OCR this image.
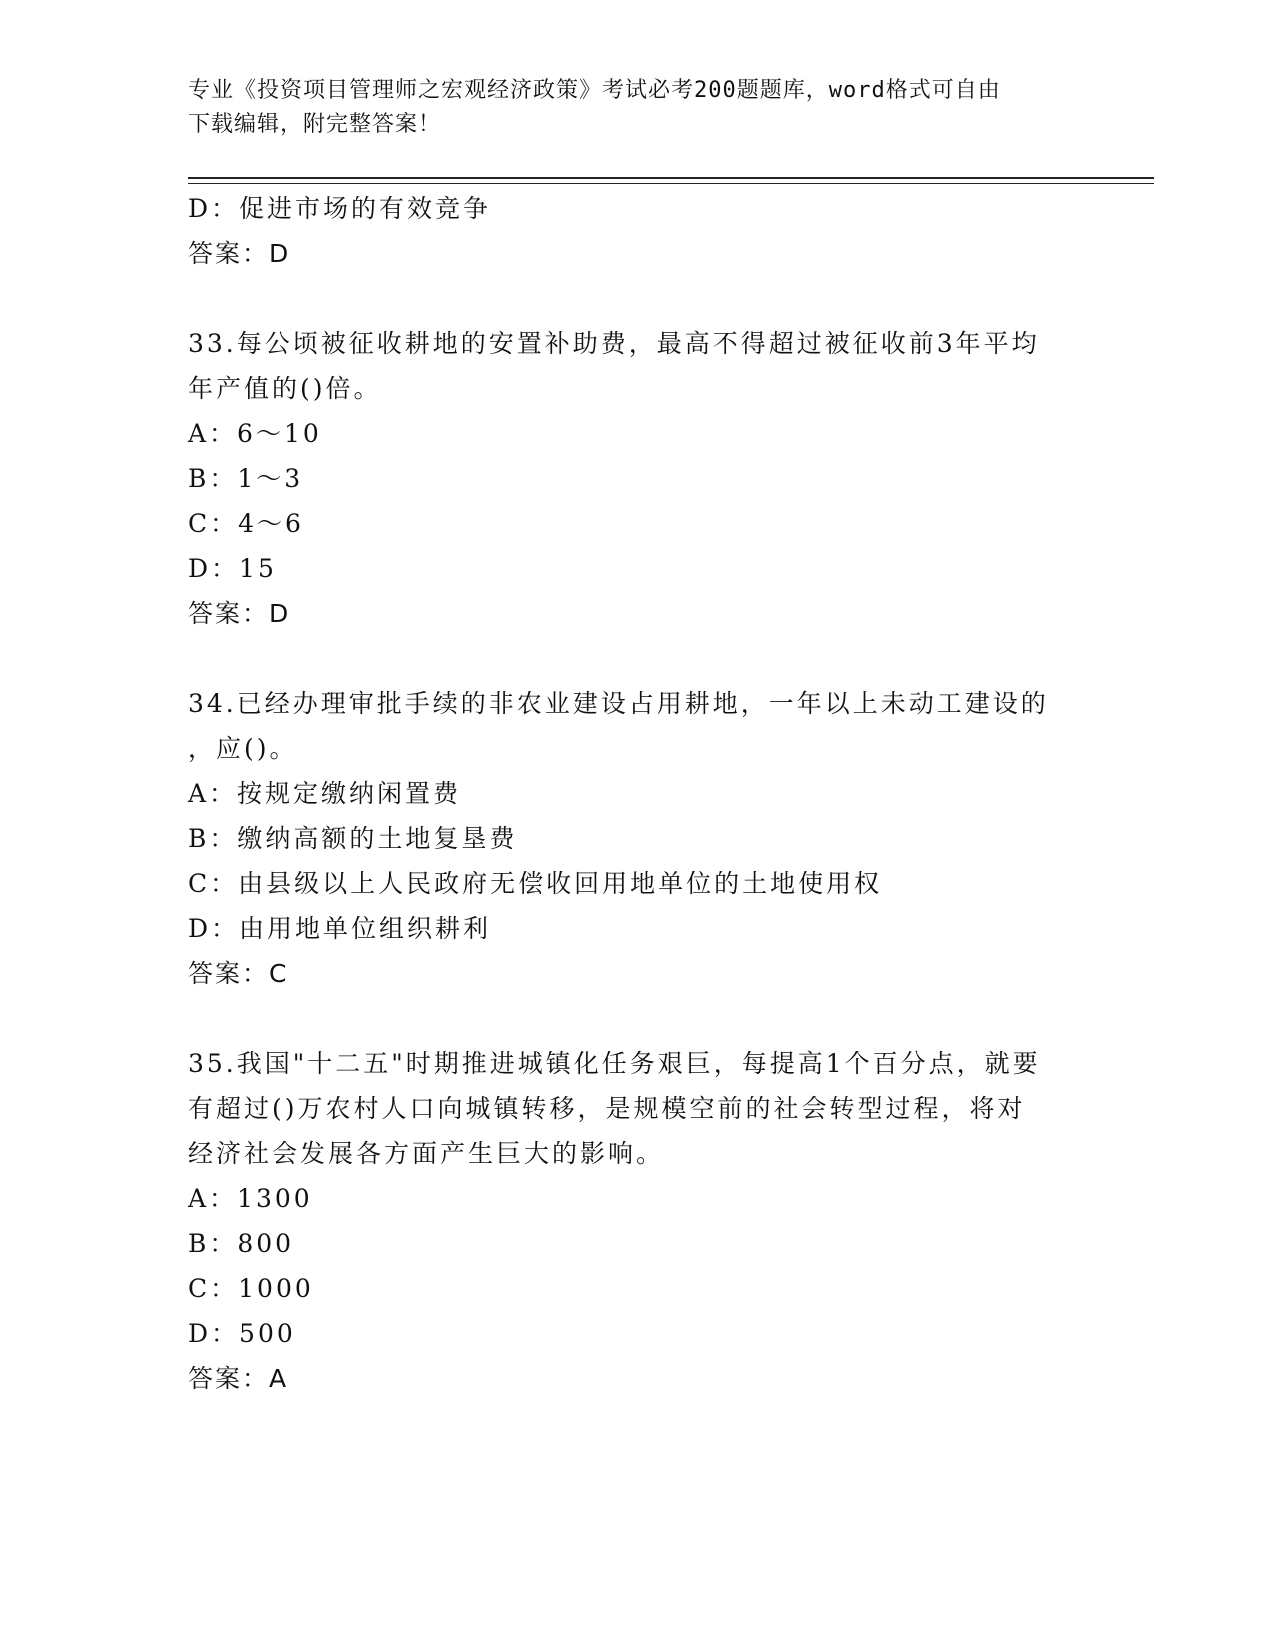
专业《投资项目管理师之宏观经济政策》考试必考200题题库，word格式可自由
下载编辑，附完整答案！
D：促进市场的有效竞争
答案：D
33.每公顷被征收耕地的安置补助费，最高不得超过被征收前3年平均
年产值的()倍。
A：6～10
B：1～3
C：4～6
D：15
答案：D
34.已经办理审批手续的非农业建设占用耕地，一年以上未动工建设的
，应()。
A：按规定缴纳闲置费
B：缴纳高额的土地复垦费
C：由县级以上人民政府无偿收回用地单位的土地使用权
D：由用地单位组织耕利
答案：C
35.我国"十二五"时期推进城镇化任务艰巨，每提高1个百分点，就要
有超过()万农村人口向城镇转移，是规模空前的社会转型过程，将对
经济社会发展各方面产生巨大的影响。
A：1300
B：800
C：1000
D：500
答案：A
